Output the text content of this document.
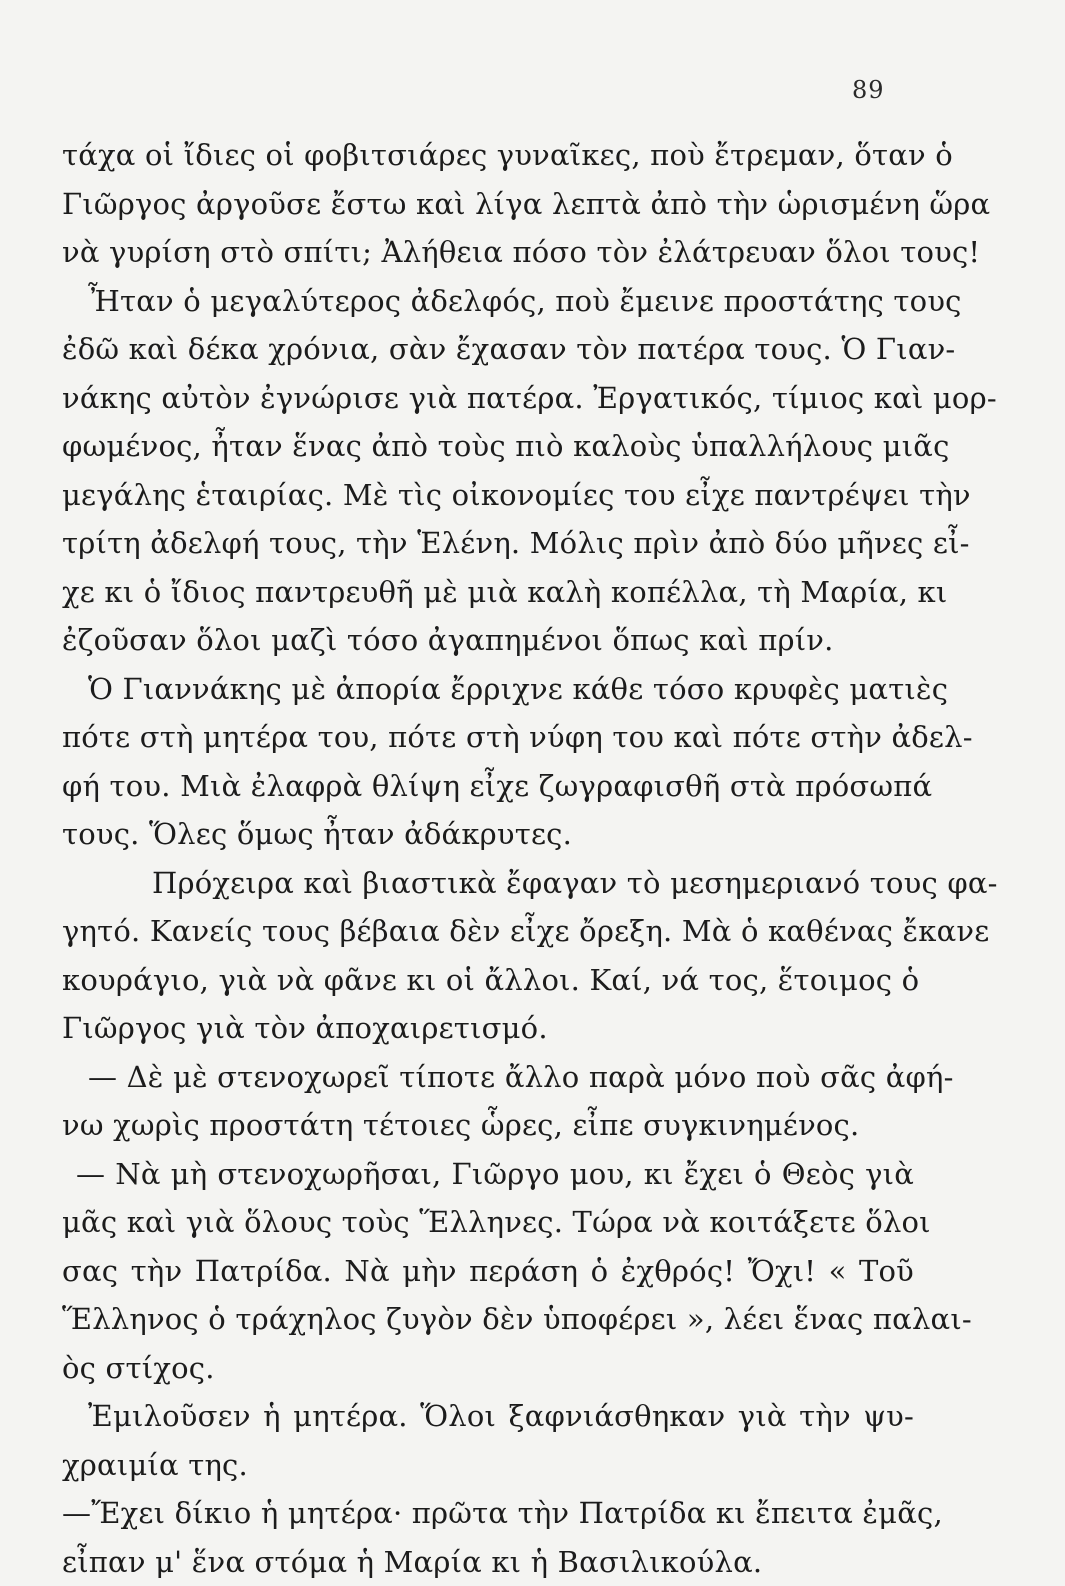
89
τάχα οἱ ἴδιες οἱ φοβιτσιάρες γυναῖκες, ποὺ ἔτρεμαν, ὅταν ὁ
Γιῶργος ἀργοῦσε ἔστω καὶ λίγα λεπτὰ ἀπὸ τὴν ὡρισμένη ὥρα
νὰ γυρίση στὸ σπίτι; Ἀλήθεια πόσο τὸν ἐλάτρευαν ὅλοι τους!
Ἦταν ὁ μεγαλύτερος ἀδελφός, ποὺ ἔμεινε προστάτης τους
ἐδῶ καὶ δέκα χρόνια, σὰν ἔχασαν τὸν πατέρα τους. Ὁ Γιαν-
νάκης αὐτὸν ἐγνώρισε γιὰ πατέρα. Ἐργατικός, τίμιος καὶ μορ-
φωμένος, ἦταν ἕνας ἀπὸ τοὺς πιὸ καλοὺς ὑπαλλήλους μιᾶς
μεγάλης ἑταιρίας. Μὲ τὶς οἰκονομίες του εἶχε παντρέψει τὴν
τρίτη ἀδελφή τους, τὴν Ἑλένη. Μόλις πρὶν ἀπὸ δύο μῆνες εἶ-
χε κι ὁ ἴδιος παντρευθῆ μὲ μιὰ καλὴ κοπέλλα, τὴ Μαρία, κι
ἐζοῦσαν ὅλοι μαζὶ τόσο ἀγαπημένοι ὅπως καὶ πρίν.
Ὁ Γιαννάκης μὲ ἀπορία ἔρριχνε κάθε τόσο κρυφὲς ματιὲς
πότε στὴ μητέρα του, πότε στὴ νύφη του καὶ πότε στὴν ἀδελ-
φή του. Μιὰ ἐλαφρὰ θλίψη εἶχε ζωγραφισθῆ στὰ πρόσωπά
τους. Ὅλες ὅμως ἦταν ἀδάκρυτες.
Πρόχειρα καὶ βιαστικὰ ἔφαγαν τὸ μεσημεριανό τους φα-
γητό. Κανείς τους βέβαια δὲν εἶχε ὄρεξη. Μὰ ὁ καθένας ἔκανε
κουράγιο, γιὰ νὰ φᾶνε κι οἱ ἄλλοι. Καί, νά τος, ἕτοιμος ὁ
Γιῶργος γιὰ τὸν ἀποχαιρετισμό.
— Δὲ μὲ στενοχωρεῖ τίποτε ἄλλο παρὰ μόνο ποὺ σᾶς ἀφή-
νω χωρὶς προστάτη τέτοιες ὧρες, εἶπε συγκινημένος.
— Νὰ μὴ στενοχωρῆσαι, Γιῶργο μου, κι ἔχει ὁ Θεὸς γιὰ
μᾶς καὶ γιὰ ὅλους τοὺς Ἕλληνες. Τώρα νὰ κοιτάξετε ὅλοι
σας τὴν Πατρίδα. Νὰ μὴν περάση ὁ ἐχθρός! Ὄχι! « Τοῦ
Ἕλληνος ὁ τράχηλος ζυγὸν δὲν ὑποφέρει », λέει ἕνας παλαι-
ὸς στίχος.
Ἐμιλοῦσεν ἡ μητέρα. Ὅλοι ξαφνιάσθηκαν γιὰ τὴν ψυ-
χραιμία της.
—Ἔχει δίκιο ἡ μητέρα· πρῶτα τὴν Πατρίδα κι ἔπειτα ἐμᾶς,
εἶπαν μ' ἕνα στόμα ἡ Μαρία κι ἡ Βασιλικούλα.
